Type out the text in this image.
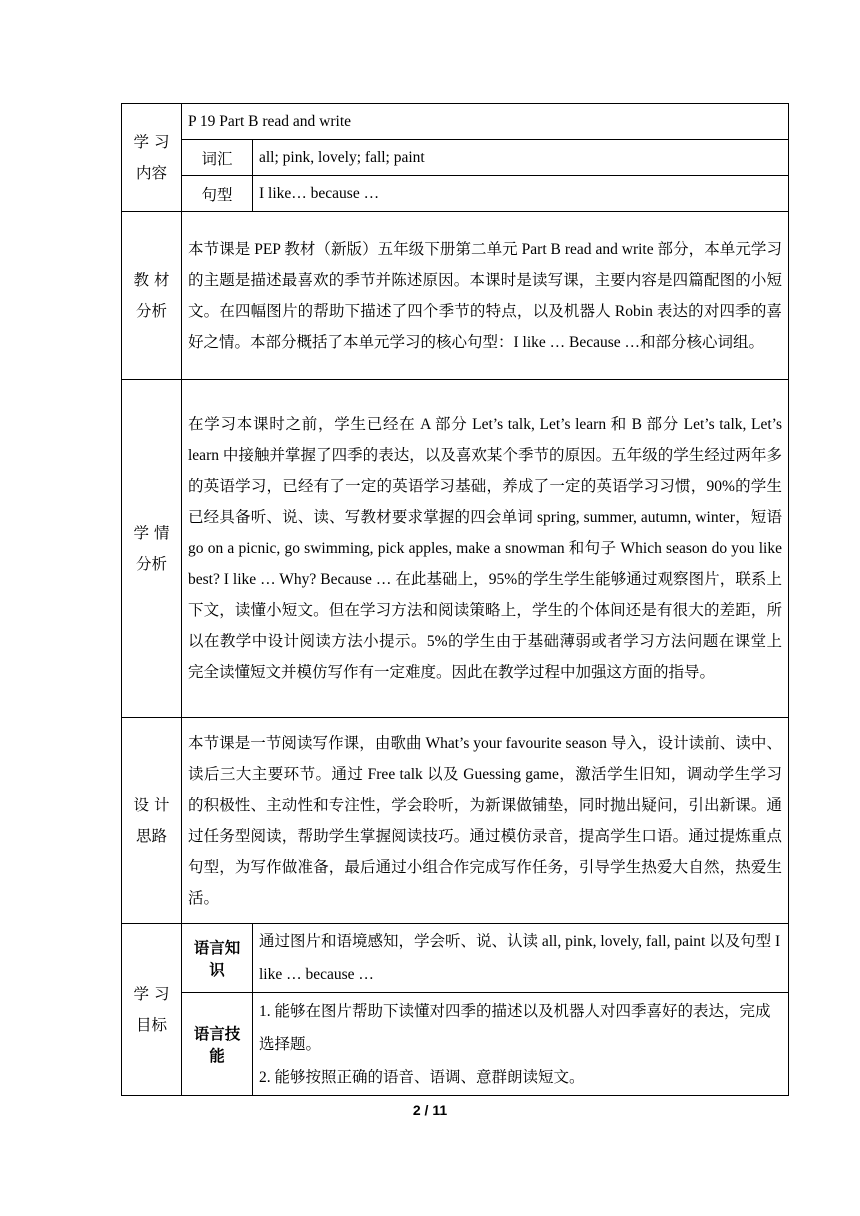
学 习
内容	P 19 Part B read and write	
	词汇	all; pink, lovely; fall; paint
	句型	I like… because …
教 材
分析	本节课是 PEP 教材（新版）五年级下册第二单元 Part B read and write 部分，本单元学习的主题是描述最喜欢的季节并陈述原因。本课时是读写课，主要内容是四篇配图的小短文。在四幅图片的帮助下描述了四个季节的特点，以及机器人 Robin 表达的对四季的喜好之情。本部分概括了本单元学习的核心句型：I like … Because …和部分核心词组。	
学 情
分析	在学习本课时之前，学生已经在 A 部分 Let’s talk, Let’s learn 和 B 部分 Let’s talk, Let’s learn 中接触并掌握了四季的表达，以及喜欢某个季节的原因。五年级的学生经过两年多的英语学习，已经有了一定的英语学习基础，养成了一定的英语学习习惯，90%的学生已经具备听、说、读、写教材要求掌握的四会单词 spring, summer, autumn, winter，短语 go on a picnic, go swimming, pick apples, make a snowman 和句子 Which season do you like best? I like … Why? Because … 在此基础上，95%的学生学生能够通过观察图片，联系上下文，读懂小短文。但在学习方法和阅读策略上，学生的个体间还是有很大的差距，所以在教学中设计阅读方法小提示。5%的学生由于基础薄弱或者学习方法问题在课堂上完全读懂短文并模仿写作有一定难度。因此在教学过程中加强这方面的指导。	
设 计
思路	本节课是一节阅读写作课，由歌曲 What’s your favourite season 导入，设计读前、读中、读后三大主要环节。通过 Free talk 以及 Guessing game，激活学生旧知，调动学生学习的积极性、主动性和专注性，学会聆听，为新课做铺垫，同时抛出疑问，引出新课。通过任务型阅读，帮助学生掌握阅读技巧。通过模仿录音，提高学生口语。通过提炼重点句型，为写作做准备，最后通过小组合作完成写作任务，引导学生热爱大自然，热爱生活。	
学 习
目标	语言知识	通过图片和语境感知，学会听、说、认读 all, pink, lovely, fall, paint 以及句型 I like … because …
	语言技能	1. 能够在图片帮助下读懂对四季的描述以及机器人对四季喜好的表达，完成选择题。
2. 能够按照正确的语音、语调、意群朗读短文。
2 / 11
